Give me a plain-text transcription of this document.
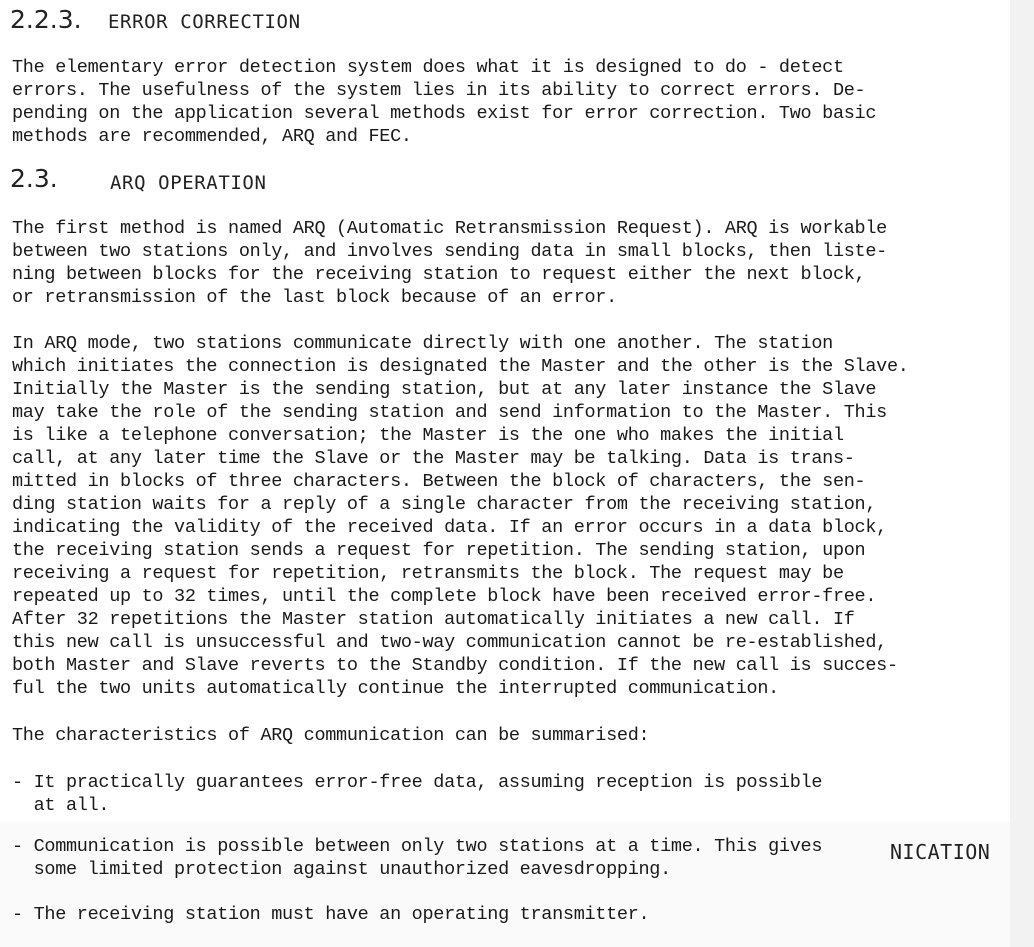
2.2.3. ERROR CORRECTION
The elementary error detection system does what it is designed to do - detect
errors. The usefulness of the system lies in its ability to correct errors. De-
pending on the application several methods exist for error correction. Two basic
methods are recommended, ARQ and FEC.
2.3.	ARQ OPERATION
The first method is named ARQ (Automatic Retransmission Request). ARQ is workable
between two stations only, and involves sending data in small blocks, then liste-
ning between blocks for the receiving station to request either the next block,
or retransmission of the last block because of an error.
In ARQ mode, two stations communicate directly with one another. The station
which initiates the connection is designated the Master and the other is the Slave.
Initially the Master is the sending station, but at any later instance the Slave
may take the role of the sending station and send information to the Master. This
is like a telephone conversation; the Master is the one who makes the initial
call, at any later time the Slave or the Master may be talking. Data is trans-
mitted in blocks of three characters. Between the block of characters, the sen-
ding station waits for a reply of a single character from the receiving station,
indicating the validity of the received data. If an error occurs in a data block,
the receiving station sends a request for repetition. The sending station, upon
receiving a request for repetition, retransmits the block. The request may be
repeated up to 32 times, until the complete block have been received error-free.
After 32 repetitions the Master station automatically initiates a new call. If
this new call is unsuccessful and two-way communication cannot be re-established,
both Master and Slave reverts to the Standby condition. If the new call is succes-
ful the two units automatically continue the interrupted communication.
The characteristics of ARQ communication can be summarised:
- It practically guarantees error-free data, assuming reception is possible
at all.
- Communication is possible between only two stations at a time. This gives
some limited protection against unauthorized eavesdropping.
- The receiving station must have an operating transmitter.
NICATION
